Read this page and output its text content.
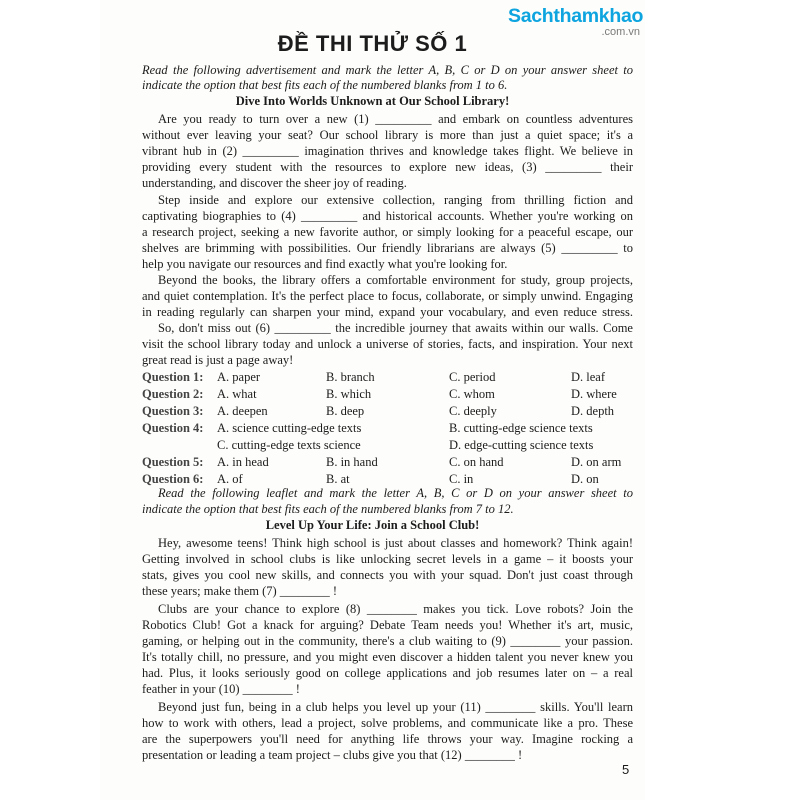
Sachthamkhao
.com.vn
ĐỀ THI THỬ SỐ 1
Read the following advertisement and mark the letter A, B, C or D on your answer sheet to
indicate the option that best fits each of the numbered blanks from 1 to 6.
Dive Into Worlds Unknown at Our School Library!
Are you ready to turn over a new (1) _________ and embark on countless adventures
without ever leaving your seat? Our school library is more than just a quiet space; it's a
vibrant hub in (2) _________ imagination thrives and knowledge takes flight. We believe in
providing every student with the resources to explore new ideas, (3) _________ their
understanding, and discover the sheer joy of reading.
Step inside and explore our extensive collection, ranging from thrilling fiction and
captivating biographies to (4) _________ and historical accounts. Whether you're working on
a research project, seeking a new favorite author, or simply looking for a peaceful escape, our
shelves are brimming with possibilities. Our friendly librarians are always (5) _________ to
help you navigate our resources and find exactly what you're looking for.
Beyond the books, the library offers a comfortable environment for study, group projects,
and quiet contemplation. It's the perfect place to focus, collaborate, or simply unwind. Engaging
in reading regularly can sharpen your mind, expand your vocabulary, and even reduce stress.
So, don't miss out (6) _________ the incredible journey that awaits within our walls. Come
visit the school library today and unlock a universe of stories, facts, and inspiration. Your next
great read is just a page away!
Question 1: A. paper	B. branch	C. period	D. leaf
Question 2: A. what	B. which	C. whom	D. where
Question 3: A. deepen	B. deep	C. deeply	D. depth
Question 4: A. science cutting-edge texts	B. cutting-edge science texts
C. cutting-edge texts science	D. edge-cutting science texts
Question 5: A. in head	B. in hand	C. on hand	D. on arm
Question 6: A. of	B. at	C. in	D. on
Read the following leaflet and mark the letter A, B, C or D on your answer sheet to
indicate the option that best fits each of the numbered blanks from 7 to 12.
Level Up Your Life: Join a School Club!
Hey, awesome teens! Think high school is just about classes and homework? Think again!
Getting involved in school clubs is like unlocking secret levels in a game – it boosts your
stats, gives you cool new skills, and connects you with your squad. Don't just coast through
these years; make them (7) ________ !
Clubs are your chance to explore (8) ________ makes you tick. Love robots? Join the
Robotics Club! Got a knack for arguing? Debate Team needs you! Whether it's art, music,
gaming, or helping out in the community, there's a club waiting to (9) ________ your passion.
It's totally chill, no pressure, and you might even discover a hidden talent you never knew you
had. Plus, it looks seriously good on college applications and job resumes later on – a real
feather in your (10) ________ !
Beyond just fun, being in a club helps you level up your (11) ________ skills. You'll learn
how to work with others, lead a project, solve problems, and communicate like a pro. These
are the superpowers you'll need for anything life throws your way. Imagine rocking a
presentation or leading a team project – clubs give you that (12) ________ !
5
